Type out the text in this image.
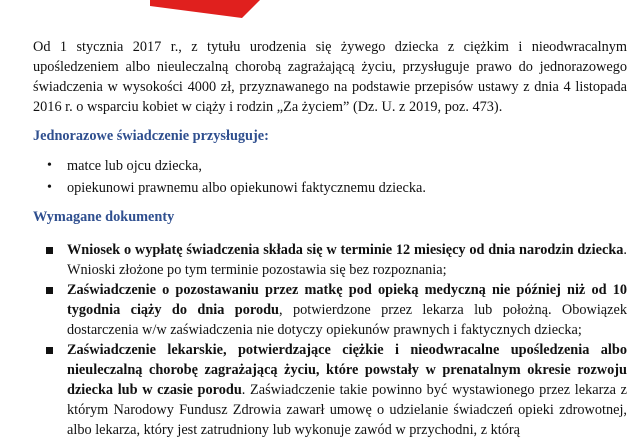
Od 1 stycznia 2017 r., z tytułu urodzenia się żywego dziecka z ciężkim i nieodwracalnym upośledzeniem albo nieuleczalną chorobą zagrażającą życiu, przysługuje prawo do jednorazowego świadczenia w wysokości 4000 zł, przyznawanego na podstawie przepisów ustawy z dnia 4 listopada 2016 r. o wsparciu kobiet w ciąży i rodzin „Za życiem” (Dz. U. z 2019, poz. 473).

Jednorazowe świadczenie przysługuje:
• matce lub ojcu dziecka,
• opiekunowi prawnemu albo opiekunowi faktycznemu dziecka.
Wymagane dokumenty
Wniosek o wypłatę świadczenia składa się w terminie 12 miesięcy od dnia narodzin dziecka. Wnioski złożone po tym terminie pozostawia się bez rozpoznania;
Zaświadczenie o pozostawaniu przez matkę pod opieką medyczną nie później niż od 10 tygodnia ciąży do dnia porodu, potwierdzone przez lekarza lub położną. Obowiązek dostarczenia w/w zaświadczenia nie dotyczy opiekunów prawnych i faktycznych dziecka;
Zaświadczenie lekarskie, potwierdzające ciężkie i nieodwracalne upośledzenia albo nieuleczalną chorobę zagrażającą życiu, które powstały w prenatalnym okresie rozwoju dziecka lub w czasie porodu. Zaświadczenie takie powinno być wystawionego przez lekarza z którym Narodowy Fundusz Zdrowia zawarł umowę o udzielanie świadczeń opieki zdrowotnej, albo lekarza, który jest zatrudniony lub wykonuje zawód w przychodni, z którą
